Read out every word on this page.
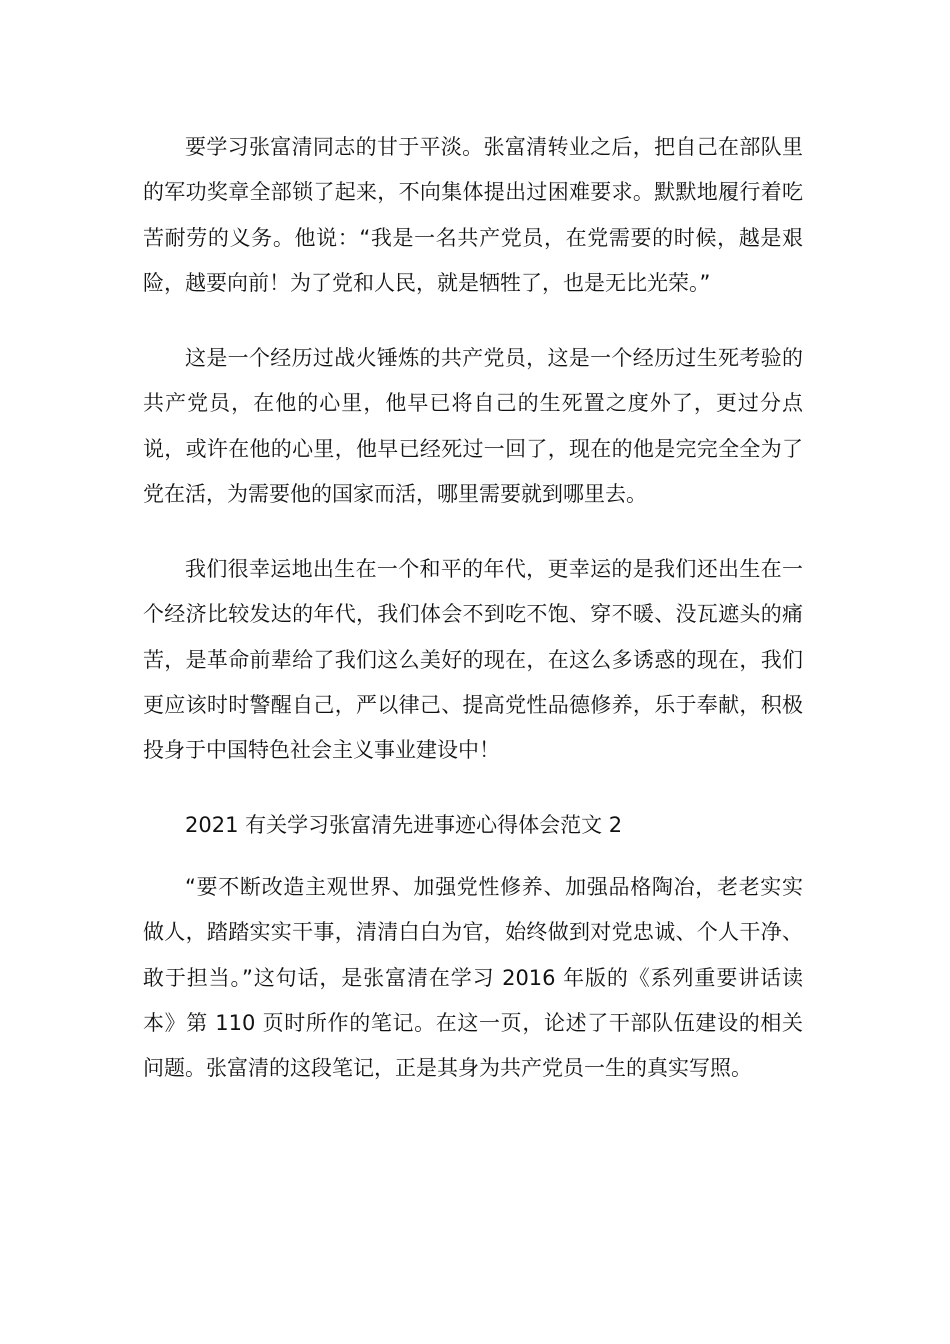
要学习张富清同志的甘于平淡。张富清转业之后，把自己在部队里的军功奖章全部锁了起来，不向集体提出过困难要求。默默地履行着吃苦耐劳的义务。他说：“我是一名共产党员，在党需要的时候，越是艰险，越要向前！为了党和人民，就是牺牲了，也是无比光荣。”

这是一个经历过战火锤炼的共产党员，这是一个经历过生死考验的共产党员，在他的心里，他早已将自己的生死置之度外了，更过分点说，或许在他的心里，他早已经死过一回了，现在的他是完完全全为了党在活，为需要他的国家而活，哪里需要就到哪里去。

我们很幸运地出生在一个和平的年代，更幸运的是我们还出生在一个经济比较发达的年代，我们体会不到吃不饱、穿不暖、没瓦遮头的痛苦，是革命前辈给了我们这么美好的现在，在这么多诱惑的现在，我们更应该时时警醒自己，严以律己、提高党性品德修养，乐于奉献，积极投身于中国特色社会主义事业建设中！

2021 有关学习张富清先进事迹心得体会范文 2

“要不断改造主观世界、加强党性修养、加强品格陶冶，老老实实做人，踏踏实实干事，清清白白为官，始终做到对党忠诚、个人干净、敢于担当。”这句话，是张富清在学习 2016 年版的《系列重要讲话读本》第 110 页时所作的笔记。在这一页，论述了干部队伍建设的相关问题。张富清的这段笔记，正是其身为共产党员一生的真实写照。
